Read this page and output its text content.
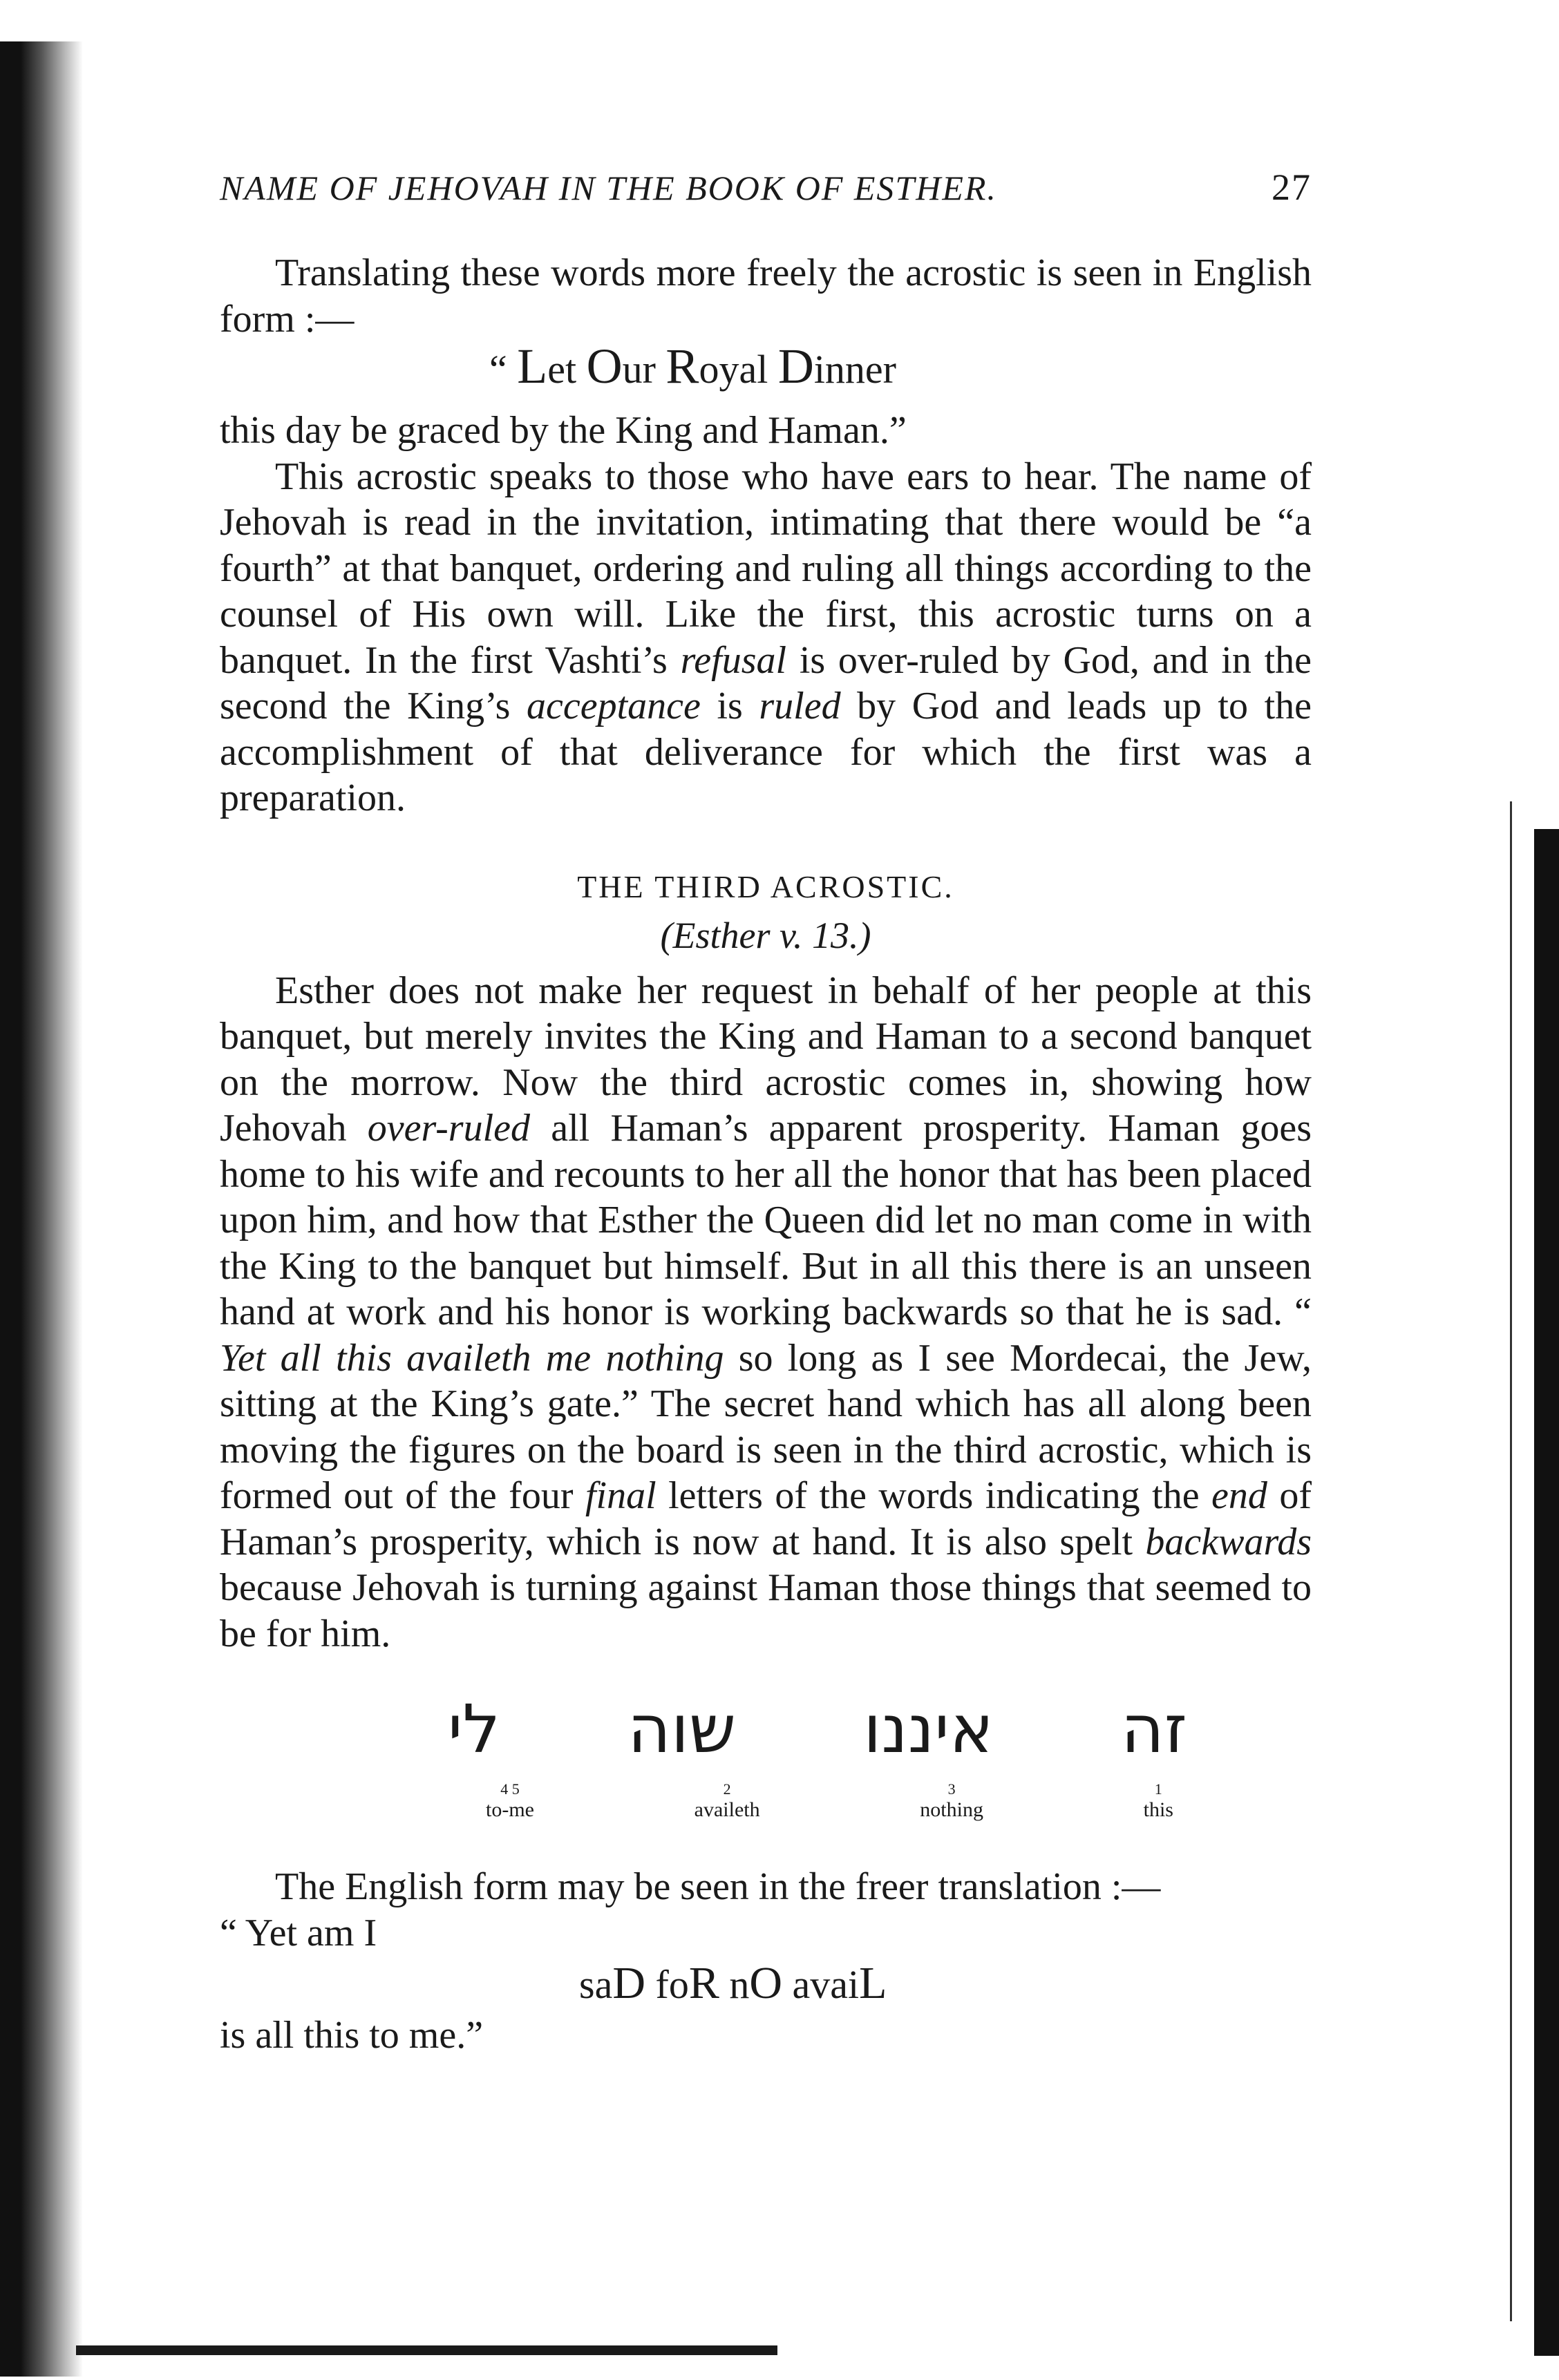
NAME OF JEHOVAH IN THE BOOK OF ESTHER.	27

Translating these words more freely the acrostic is seen in English form :—

“ Let Our Royal Dinner

this day be graced by the King and Haman.”

This acrostic speaks to those who have ears to hear. The name of Jehovah is read in the invitation, intimating that there would be “a fourth” at that banquet, ordering and ruling all things according to the counsel of His own will. Like the first, this acrostic turns on a banquet. In the first Vashti’s refusal is over-ruled by God, and in the second the King’s acceptance is ruled by God and leads up to the accomplishment of that deliverance for which the first was a preparation.

THE THIRD ACROSTIC.
(Esther v. 13.)

Esther does not make her request in behalf of her people at this banquet, but merely invites the King and Haman to a second banquet on the morrow. Now the third acrostic comes in, showing how Jehovah over-ruled all Haman’s apparent prosperity. Haman goes home to his wife and recounts to her all the honor that has been placed upon him, and how that Esther the Queen did let no man come in with the King to the banquet but himself. But in all this there is an unseen hand at work and his honor is working backwards so that he is sad. “ Yet all this availeth me nothing so long as I see Mordecai, the Jew, sitting at the King’s gate.” The secret hand which has all along been moving the figures on the board is seen in the third acrostic, which is formed out of the four final letters of the words indicating the end of Haman’s prosperity, which is now at hand. It is also spelt backwards because Jehovah is turning against Haman those things that seemed to be for him.

לי שוה איננו זה
4 5
to-me
2
availeth
3
nothing
1
this

The English form may be seen in the freer translation :—

“ Yet am I

saD foR nO avaiL

is all this to me.”
